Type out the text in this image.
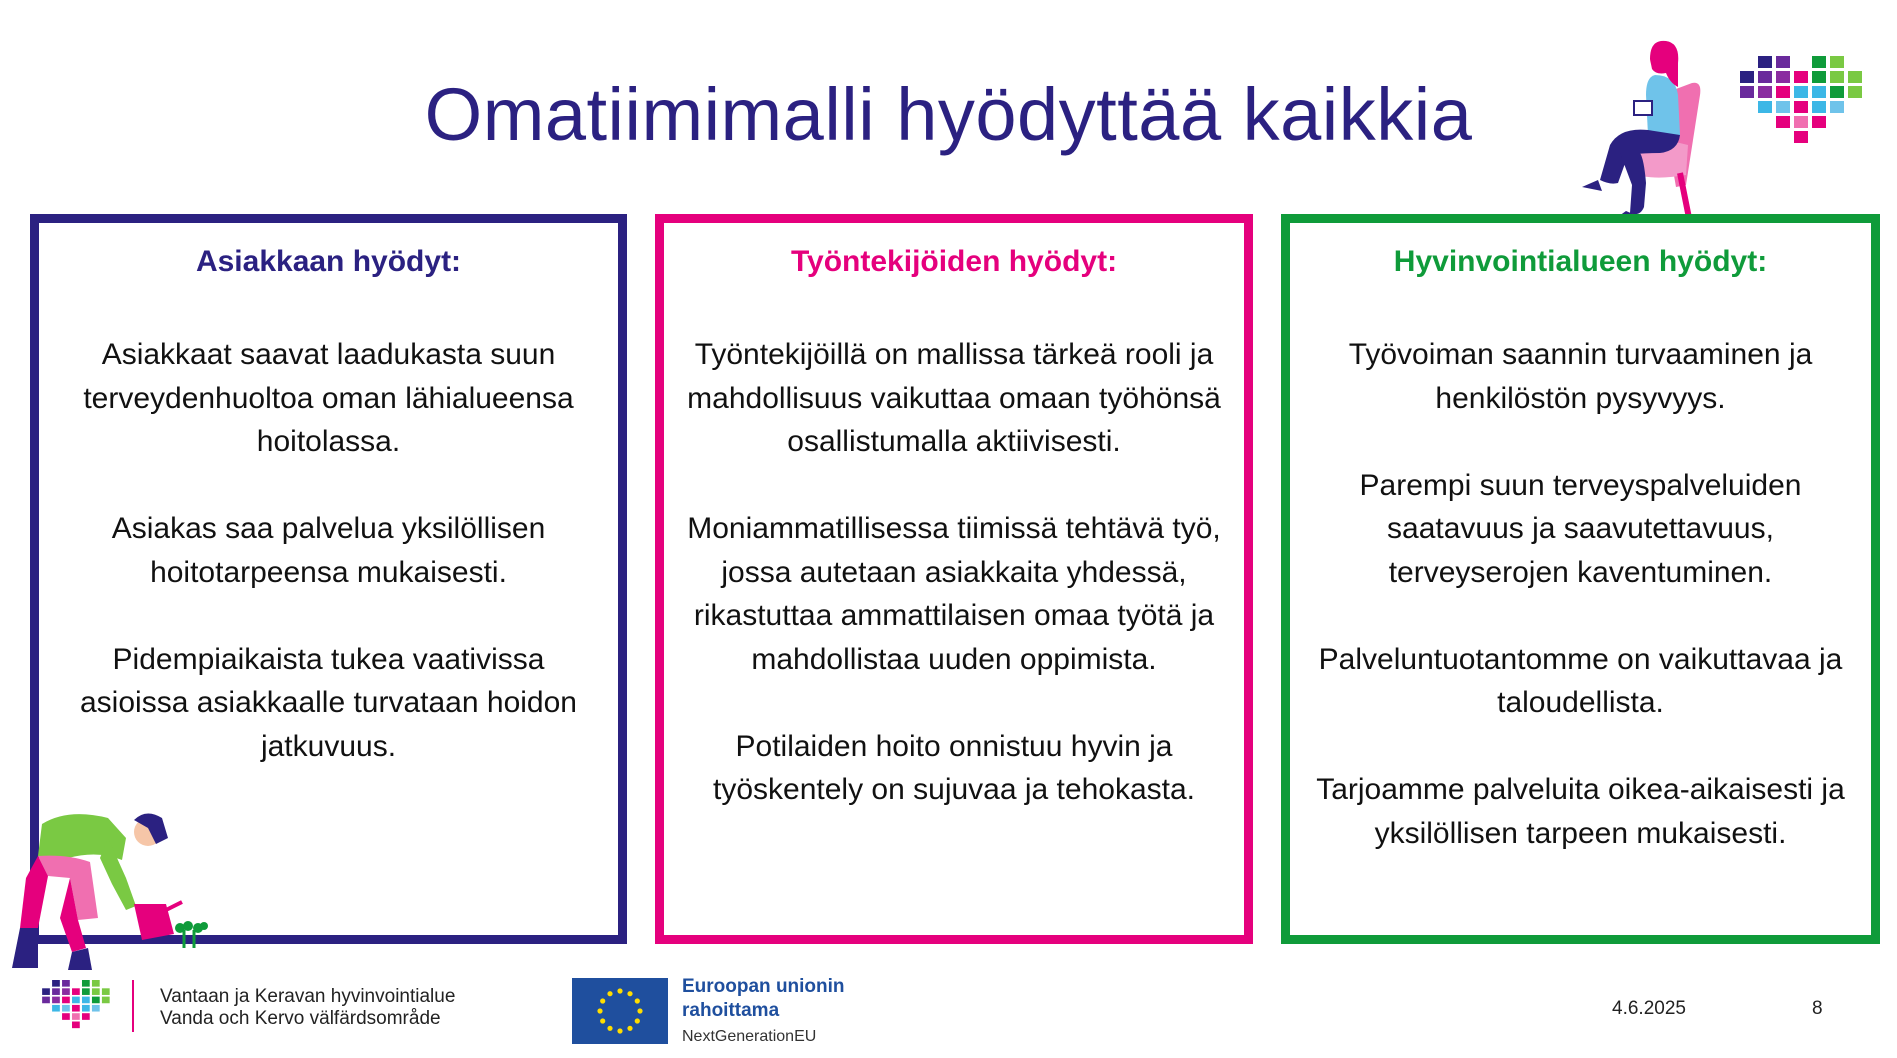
Omatiimimalli hyödyttää kaikkia
Asiakkaan hyödyt:

Asiakkaat saavat laadukasta suun terveydenhuoltoa oman lähialueensa hoitolassa.

Asiakas saa palvelua yksilöllisen hoitotarpeensa mukaisesti.

Pidempiaikaista tukea vaativissa asioissa asiakkaalle turvataan hoidon jatkuvuus.

Työntekijöiden hyödyt:

Työntekijöillä on mallissa tärkeä rooli ja mahdollisuus vaikuttaa omaan työhönsä osallistumalla aktiivisesti.

Moniammatillisessa tiimissä tehtävä työ, jossa autetaan asiakkaita yhdessä, rikastuttaa ammattilaisen omaa työtä ja mahdollistaa uuden oppimista.

Potilaiden hoito onnistuu hyvin ja työskentely on sujuvaa ja tehokasta.

Hyvinvointialueen hyödyt:

Työvoiman saannin turvaaminen ja henkilöstön pysyvyys.

Parempi suun terveyspalveluiden saatavuus ja saavutettavuus, terveyserojen kaventuminen.

Palveluntuotantomme on vaikuttavaa ja taloudellista.

Tarjoamme palveluita oikea-aikaisesti ja yksilöllisen tarpeen mukaisesti.

Vantaan ja Keravan hyvinvointialue
Vanda och Kervo välfärdsområde
Euroopan unionin
rahoittama
NextGenerationEU
4.6.2025	8
